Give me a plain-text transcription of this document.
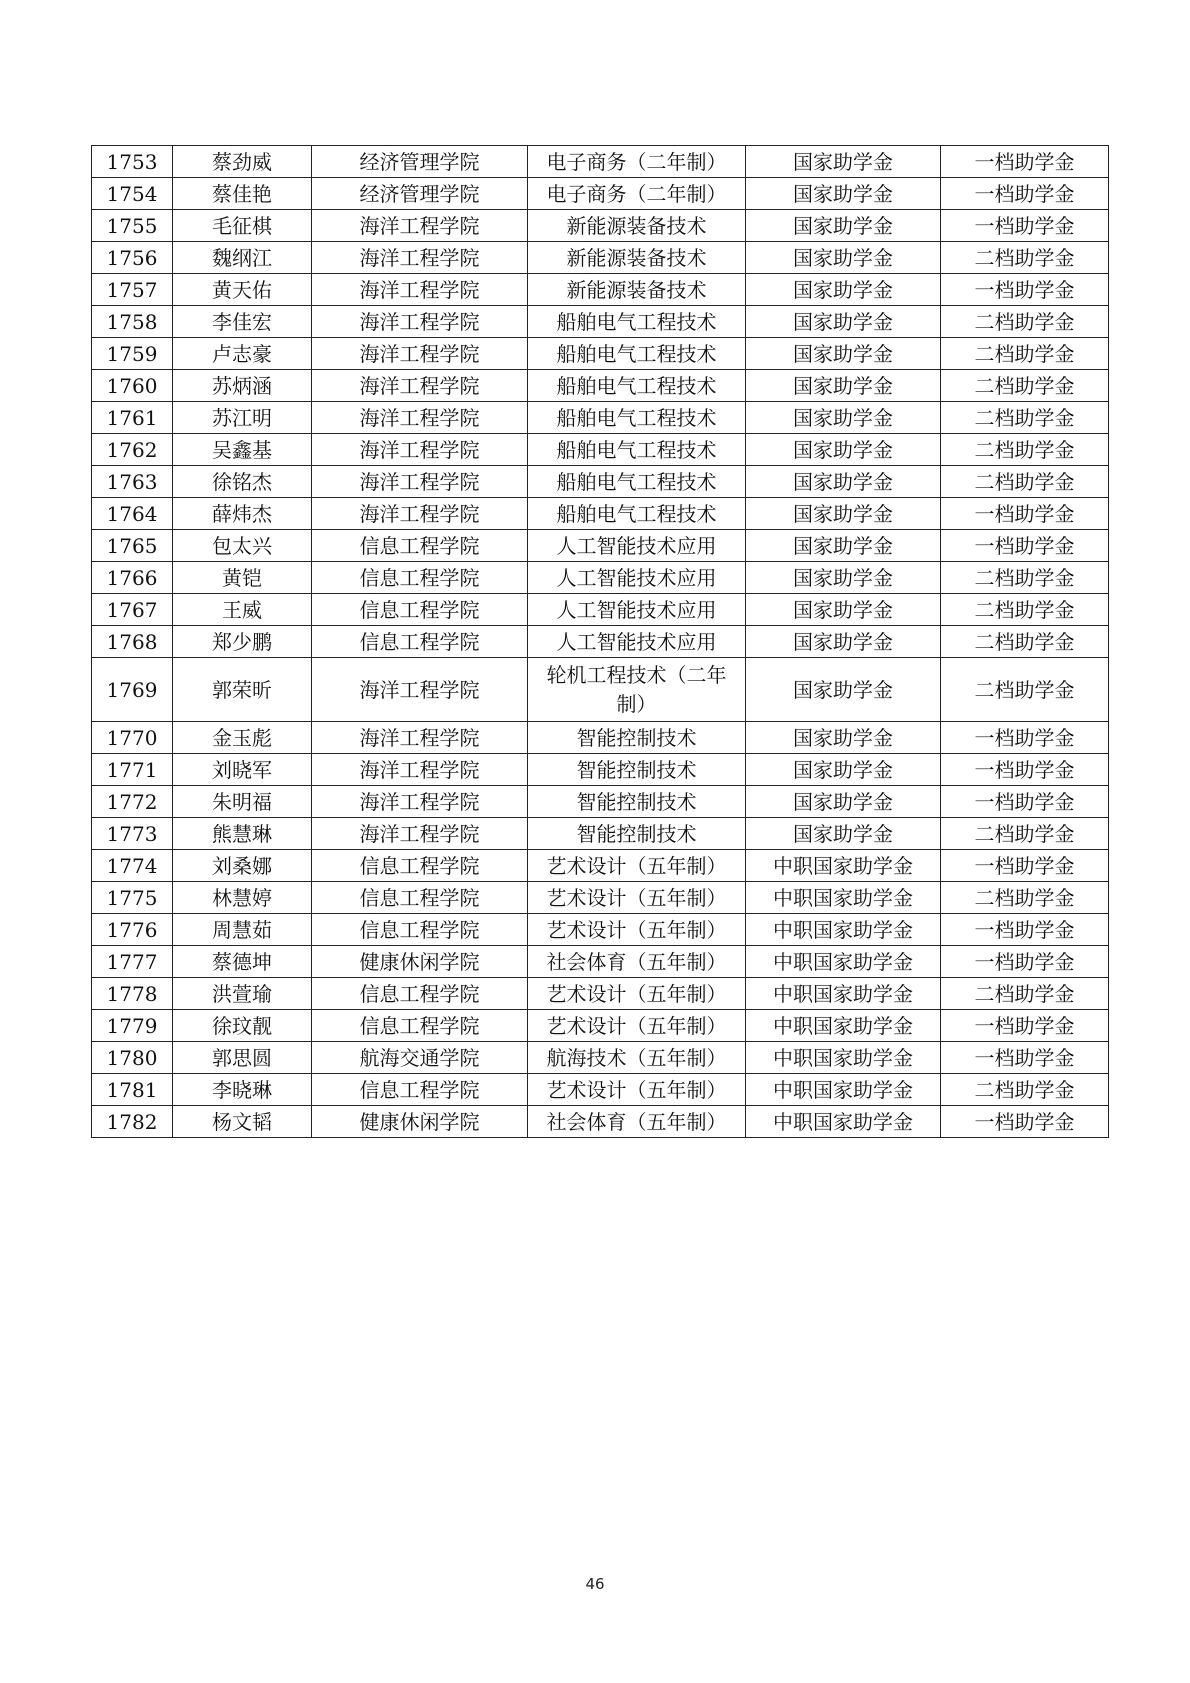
1753	蔡劲威	经济管理学院	电子商务（二年制）	国家助学金	一档助学金
1754	蔡佳艳	经济管理学院	电子商务（二年制）	国家助学金	一档助学金
1755	毛征棋	海洋工程学院	新能源装备技术	国家助学金	一档助学金
1756	魏纲江	海洋工程学院	新能源装备技术	国家助学金	二档助学金
1757	黄天佑	海洋工程学院	新能源装备技术	国家助学金	一档助学金
1758	李佳宏	海洋工程学院	船舶电气工程技术	国家助学金	二档助学金
1759	卢志豪	海洋工程学院	船舶电气工程技术	国家助学金	二档助学金
1760	苏炳涵	海洋工程学院	船舶电气工程技术	国家助学金	二档助学金
1761	苏江明	海洋工程学院	船舶电气工程技术	国家助学金	二档助学金
1762	吴鑫基	海洋工程学院	船舶电气工程技术	国家助学金	二档助学金
1763	徐铭杰	海洋工程学院	船舶电气工程技术	国家助学金	二档助学金
1764	薛炜杰	海洋工程学院	船舶电气工程技术	国家助学金	一档助学金
1765	包太兴	信息工程学院	人工智能技术应用	国家助学金	一档助学金
1766	黄铠	信息工程学院	人工智能技术应用	国家助学金	二档助学金
1767	王威	信息工程学院	人工智能技术应用	国家助学金	二档助学金
1768	郑少鹏	信息工程学院	人工智能技术应用	国家助学金	二档助学金
1769	郭荣昕	海洋工程学院	轮机工程技术（二年制）	国家助学金	二档助学金
1770	金玉彪	海洋工程学院	智能控制技术	国家助学金	一档助学金
1771	刘晓军	海洋工程学院	智能控制技术	国家助学金	一档助学金
1772	朱明福	海洋工程学院	智能控制技术	国家助学金	一档助学金
1773	熊慧琳	海洋工程学院	智能控制技术	国家助学金	二档助学金
1774	刘桑娜	信息工程学院	艺术设计（五年制）	中职国家助学金	一档助学金
1775	林慧婷	信息工程学院	艺术设计（五年制）	中职国家助学金	二档助学金
1776	周慧茹	信息工程学院	艺术设计（五年制）	中职国家助学金	一档助学金
1777	蔡德坤	健康休闲学院	社会体育（五年制）	中职国家助学金	一档助学金
1778	洪萱瑜	信息工程学院	艺术设计（五年制）	中职国家助学金	二档助学金
1779	徐玟靓	信息工程学院	艺术设计（五年制）	中职国家助学金	一档助学金
1780	郭思圆	航海交通学院	航海技术（五年制）	中职国家助学金	一档助学金
1781	李晓琳	信息工程学院	艺术设计（五年制）	中职国家助学金	二档助学金
1782	杨文韬	健康休闲学院	社会体育（五年制）	中职国家助学金	一档助学金
46
